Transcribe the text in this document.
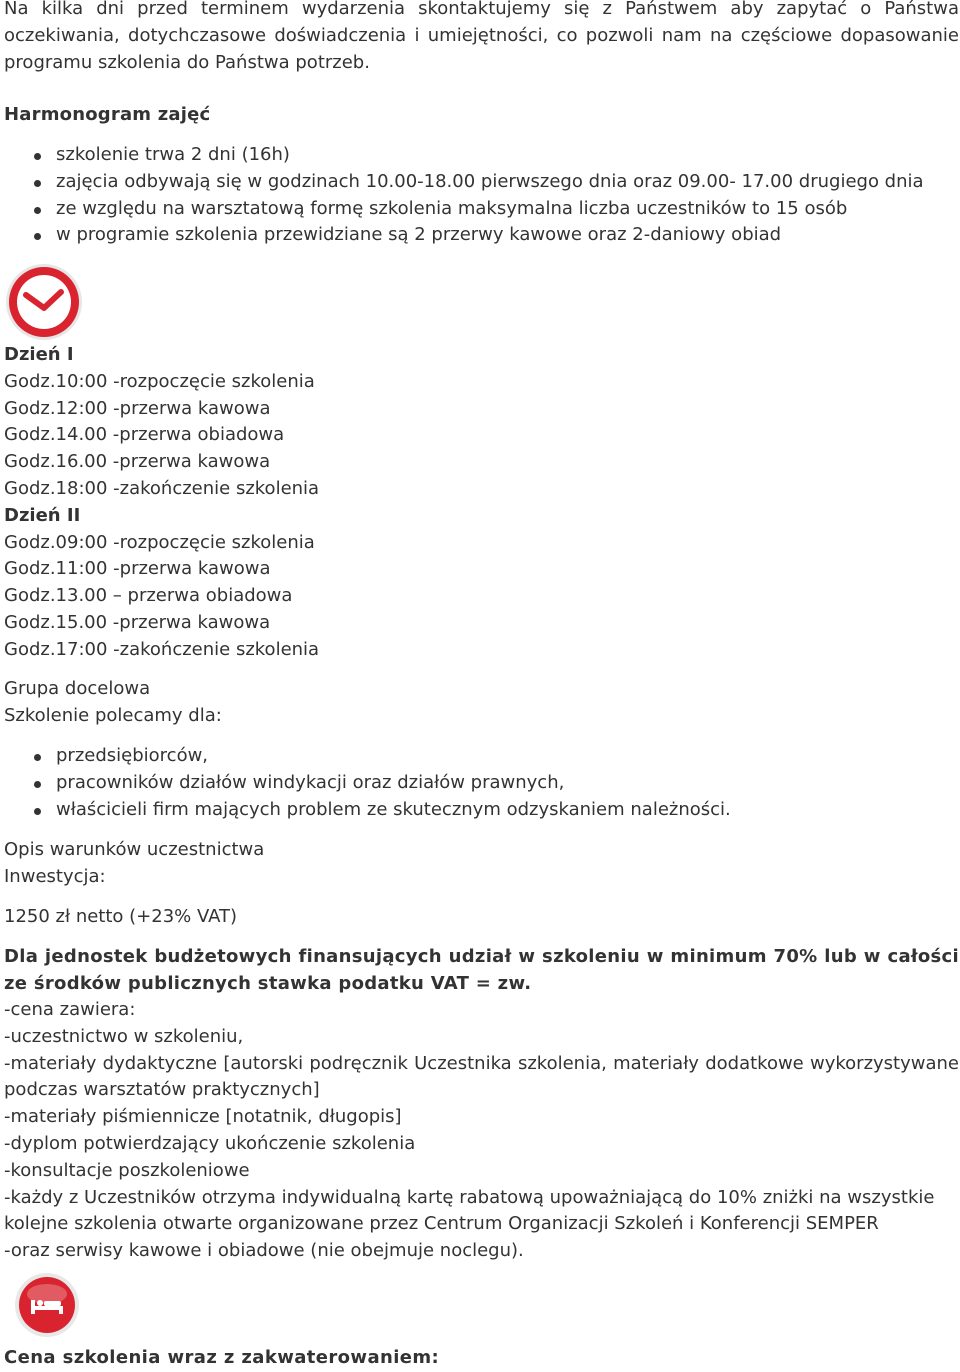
Na kilka dni przed terminem wydarzenia skontaktujemy się z Państwem aby zapytać o Państwa oczekiwania, dotychczasowe doświadczenia i umiejętności, co pozwoli nam na częściowe dopasowanie programu szkolenia do Państwa potrzeb.

Harmonogram zajęć

szkolenie trwa 2 dni (16h)
zajęcia odbywają się w godzinach 10.00-18.00 pierwszego dnia oraz 09.00- 17.00 drugiego dnia
ze względu na warsztatową formę szkolenia maksymalna liczba uczestników to 15 osób
w programie szkolenia przewidziane są 2 przerwy kawowe oraz 2-daniowy obiad

Dzień I

Godz.10:00 -rozpoczęcie szkolenia

Godz.12:00 -przerwa kawowa

Godz.14.00 -przerwa obiadowa

Godz.16.00 -przerwa kawowa

Godz.18:00 -zakończenie szkolenia

Dzień II

Godz.09:00 -rozpoczęcie szkolenia

Godz.11:00 -przerwa kawowa

Godz.13.00 – przerwa obiadowa

Godz.15.00 -przerwa kawowa

Godz.17:00 -zakończenie szkolenia

Grupa docelowa

Szkolenie polecamy dla:

przedsiębiorców,
pracowników działów windykacji oraz działów prawnych,
właścicieli firm mających problem ze skutecznym odzyskaniem należności.

Opis warunków uczestnictwa

Inwestycja:

1250 zł netto (+23% VAT)

Dla jednostek budżetowych finansujących udział w szkoleniu w minimum 70% lub w całości ze środków publicznych stawka podatku VAT = zw.

-cena zawiera:

-uczestnictwo w szkoleniu,

-materiały dydaktyczne [autorski podręcznik Uczestnika szkolenia, materiały dodatkowe wykorzystywane podczas warsztatów praktycznych]

-materiały piśmiennicze [notatnik, długopis]

-dyplom potwierdzający ukończenie szkolenia

-konsultacje poszkoleniowe

-każdy z Uczestników otrzyma indywidualną kartę rabatową upoważniającą do 10% zniżki na wszystkie kolejne szkolenia otwarte organizowane przez Centrum Organizacji Szkoleń i Konferencji SEMPER

-oraz serwisy kawowe i obiadowe (nie obejmuje noclegu).

Cena szkolenia wraz z zakwaterowaniem:
